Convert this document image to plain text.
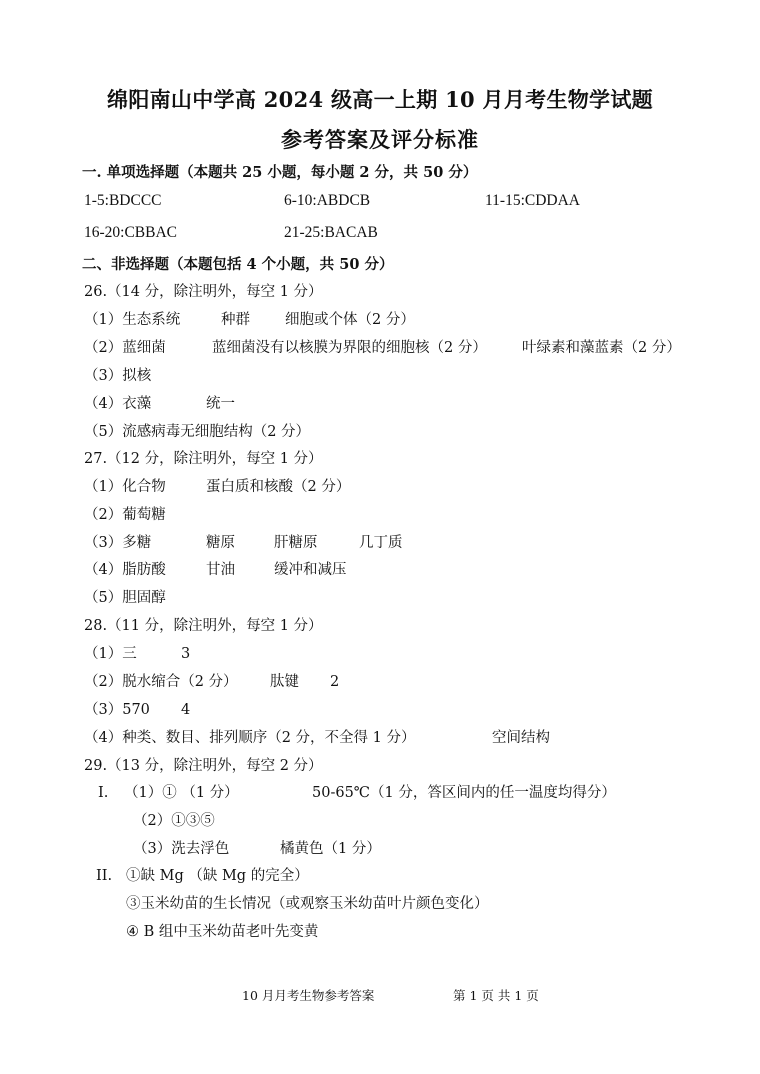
绵阳南山中学高 2024 级高一上期 10 月月考生物学试题
参考答案及评分标准
一. 单项选择题（本题共 25 小题，每小题 2 分，共 50 分）
1-5:BDCCC	6-10:ABDCB	11-15:CDDAA
16-20:CBBAC	21-25:BACAB
二、非选择题（本题包括 4 个小题，共 50 分）
26.（14 分，除注明外，每空 1 分）
（1）生态系统	种群 细胞或个体（2 分）
（2）蓝细菌	蓝细菌没有以核膜为界限的细胞核（2 分） 叶绿素和藻蓝素（2 分）
（3）拟核
（4）衣藻	统一
（5）流感病毒无细胞结构（2 分）
27.（12 分，除注明外，每空 1 分）
（1）化合物	蛋白质和核酸（2 分）
（2）葡萄糖
（3）多糖	糖原	肝糖原	几丁质
（4）脂肪酸	甘油	缓冲和减压
（5）胆固醇
28.（11 分，除注明外，每空 1 分）
（1）三	3
（2）脱水缩合（2 分） 肽键 2
（3）570 4
（4）种类、数目、排列顺序（2 分，不全得 1 分）	空间结构
29.（13 分，除注明外，每空 2 分）
I. （1）① （1 分）	50-65℃（1 分，答区间内的任一温度均得分）
（2）①③⑤
（3）洗去浮色	橘黄色（1 分）
II. ①缺 Mg （缺 Mg 的完全）
③玉米幼苗的生长情况（或观察玉米幼苗叶片颜色变化）
④ B 组中玉米幼苗老叶先变黄
10 月月考生物参考答案	第 1 页 共 1 页
